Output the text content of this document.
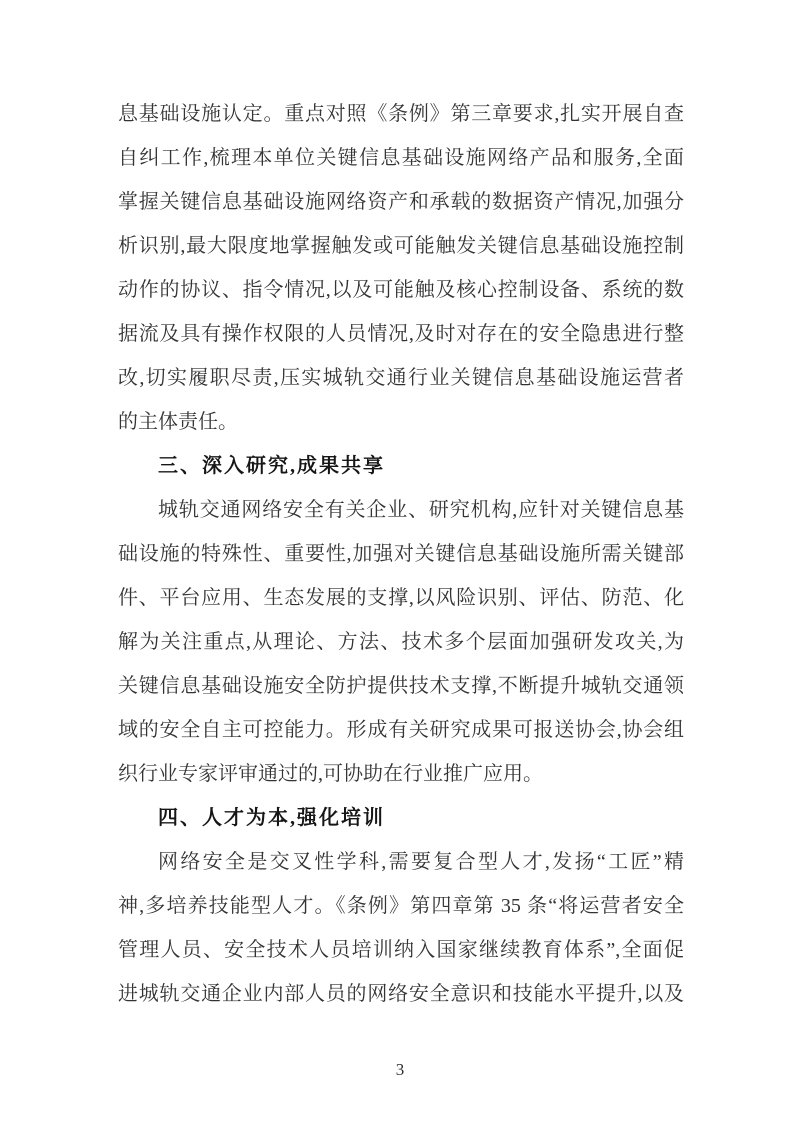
息基础设施认定。重点对照《条例》第三章要求,扎实开展自查
自纠工作,梳理本单位关键信息基础设施网络产品和服务,全面
掌握关键信息基础设施网络资产和承载的数据资产情况,加强分
析识别,最大限度地掌握触发或可能触发关键信息基础设施控制
动作的协议、指令情况,以及可能触及核心控制设备、系统的数
据流及具有操作权限的人员情况,及时对存在的安全隐患进行整
改,切实履职尽责,压实城轨交通行业关键信息基础设施运营者
的主体责任。
三、深入研究,成果共享
城轨交通网络安全有关企业、研究机构,应针对关键信息基
础设施的特殊性、重要性,加强对关键信息基础设施所需关键部
件、平台应用、生态发展的支撑,以风险识别、评估、防范、化
解为关注重点,从理论、方法、技术多个层面加强研发攻关,为
关键信息基础设施安全防护提供技术支撑,不断提升城轨交通领
域的安全自主可控能力。形成有关研究成果可报送协会,协会组
织行业专家评审通过的,可协助在行业推广应用。
四、人才为本,强化培训
网络安全是交叉性学科,需要复合型人才,发扬“工匠”精
神,多培养技能型人才。《条例》第四章第 35 条“将运营者安全
管理人员、安全技术人员培训纳入国家继续教育体系”,全面促
进城轨交通企业内部人员的网络安全意识和技能水平提升,以及
3
